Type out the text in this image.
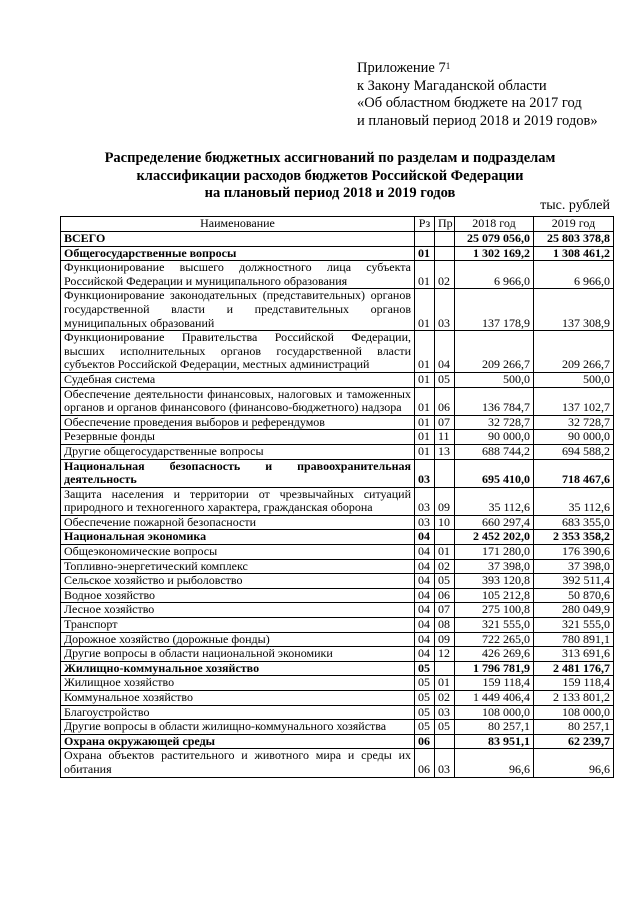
Приложение $7^1$
к Закону Магаданской области
«Об областном бюджете на 2017 год
и плановый период 2018 и 2019 годов»
Распределение бюджетных ассигнований по разделам и подразделам
классификации расходов бюджетов Российской Федерации
на плановый период 2018 и 2019 годов
тыс. рублей
Наименование	Рз	Пр	2018 год	2019 год
ВСЕГО			25 079 056,0	25 803 378,8
Общегосударственные вопросы	01		1 302 169,2	1 308 461,2
Функционирование высшего должностного лица субъекта Российской Федерации и муниципального образования	01	02	6 966,0	6 966,0
Функционирование законодательных (представительных) органов государственной власти и представительных органов муниципальных образований	01	03	137 178,9	137 308,9
Функционирование Правительства Российской Федерации, высших исполнительных органов государственной власти субъектов Российской Федерации, местных администраций	01	04	209 266,7	209 266,7
Судебная система	01	05	500,0	500,0
Обеспечение деятельности финансовых, налоговых и таможенных органов и органов финансового (финансово-бюджетного) надзора	01	06	136 784,7	137 102,7
Обеспечение проведения выборов и референдумов	01	07	32 728,7	32 728,7
Резервные фонды	01	11	90 000,0	90 000,0
Другие общегосударственные вопросы	01	13	688 744,2	694 588,2
Национальная безопасность и правоохранительная деятельность	03		695 410,0	718 467,6
Защита населения и территории от чрезвычайных ситуаций природного и техногенного характера, гражданская оборона	03	09	35 112,6	35 112,6
Обеспечение пожарной безопасности	03	10	660 297,4	683 355,0
Национальная экономика	04		2 452 202,0	2 353 358,2
Общеэкономические вопросы	04	01	171 280,0	176 390,6
Топливно-энергетический комплекс	04	02	37 398,0	37 398,0
Сельское хозяйство и рыболовство	04	05	393 120,8	392 511,4
Водное хозяйство	04	06	105 212,8	50 870,6
Лесное хозяйство	04	07	275 100,8	280 049,9
Транспорт	04	08	321 555,0	321 555,0
Дорожное хозяйство (дорожные фонды)	04	09	722 265,0	780 891,1
Другие вопросы в области национальной экономики	04	12	426 269,6	313 691,6
Жилищно-коммунальное хозяйство	05		1 796 781,9	2 481 176,7
Жилищное хозяйство	05	01	159 118,4	159 118,4
Коммунальное хозяйство	05	02	1 449 406,4	2 133 801,2
Благоустройство	05	03	108 000,0	108 000,0
Другие вопросы в области жилищно-коммунального хозяйства	05	05	80 257,1	80 257,1
Охрана окружающей среды	06		83 951,1	62 239,7
Охрана объектов растительного и животного мира и среды их обитания	06	03	96,6	96,6
